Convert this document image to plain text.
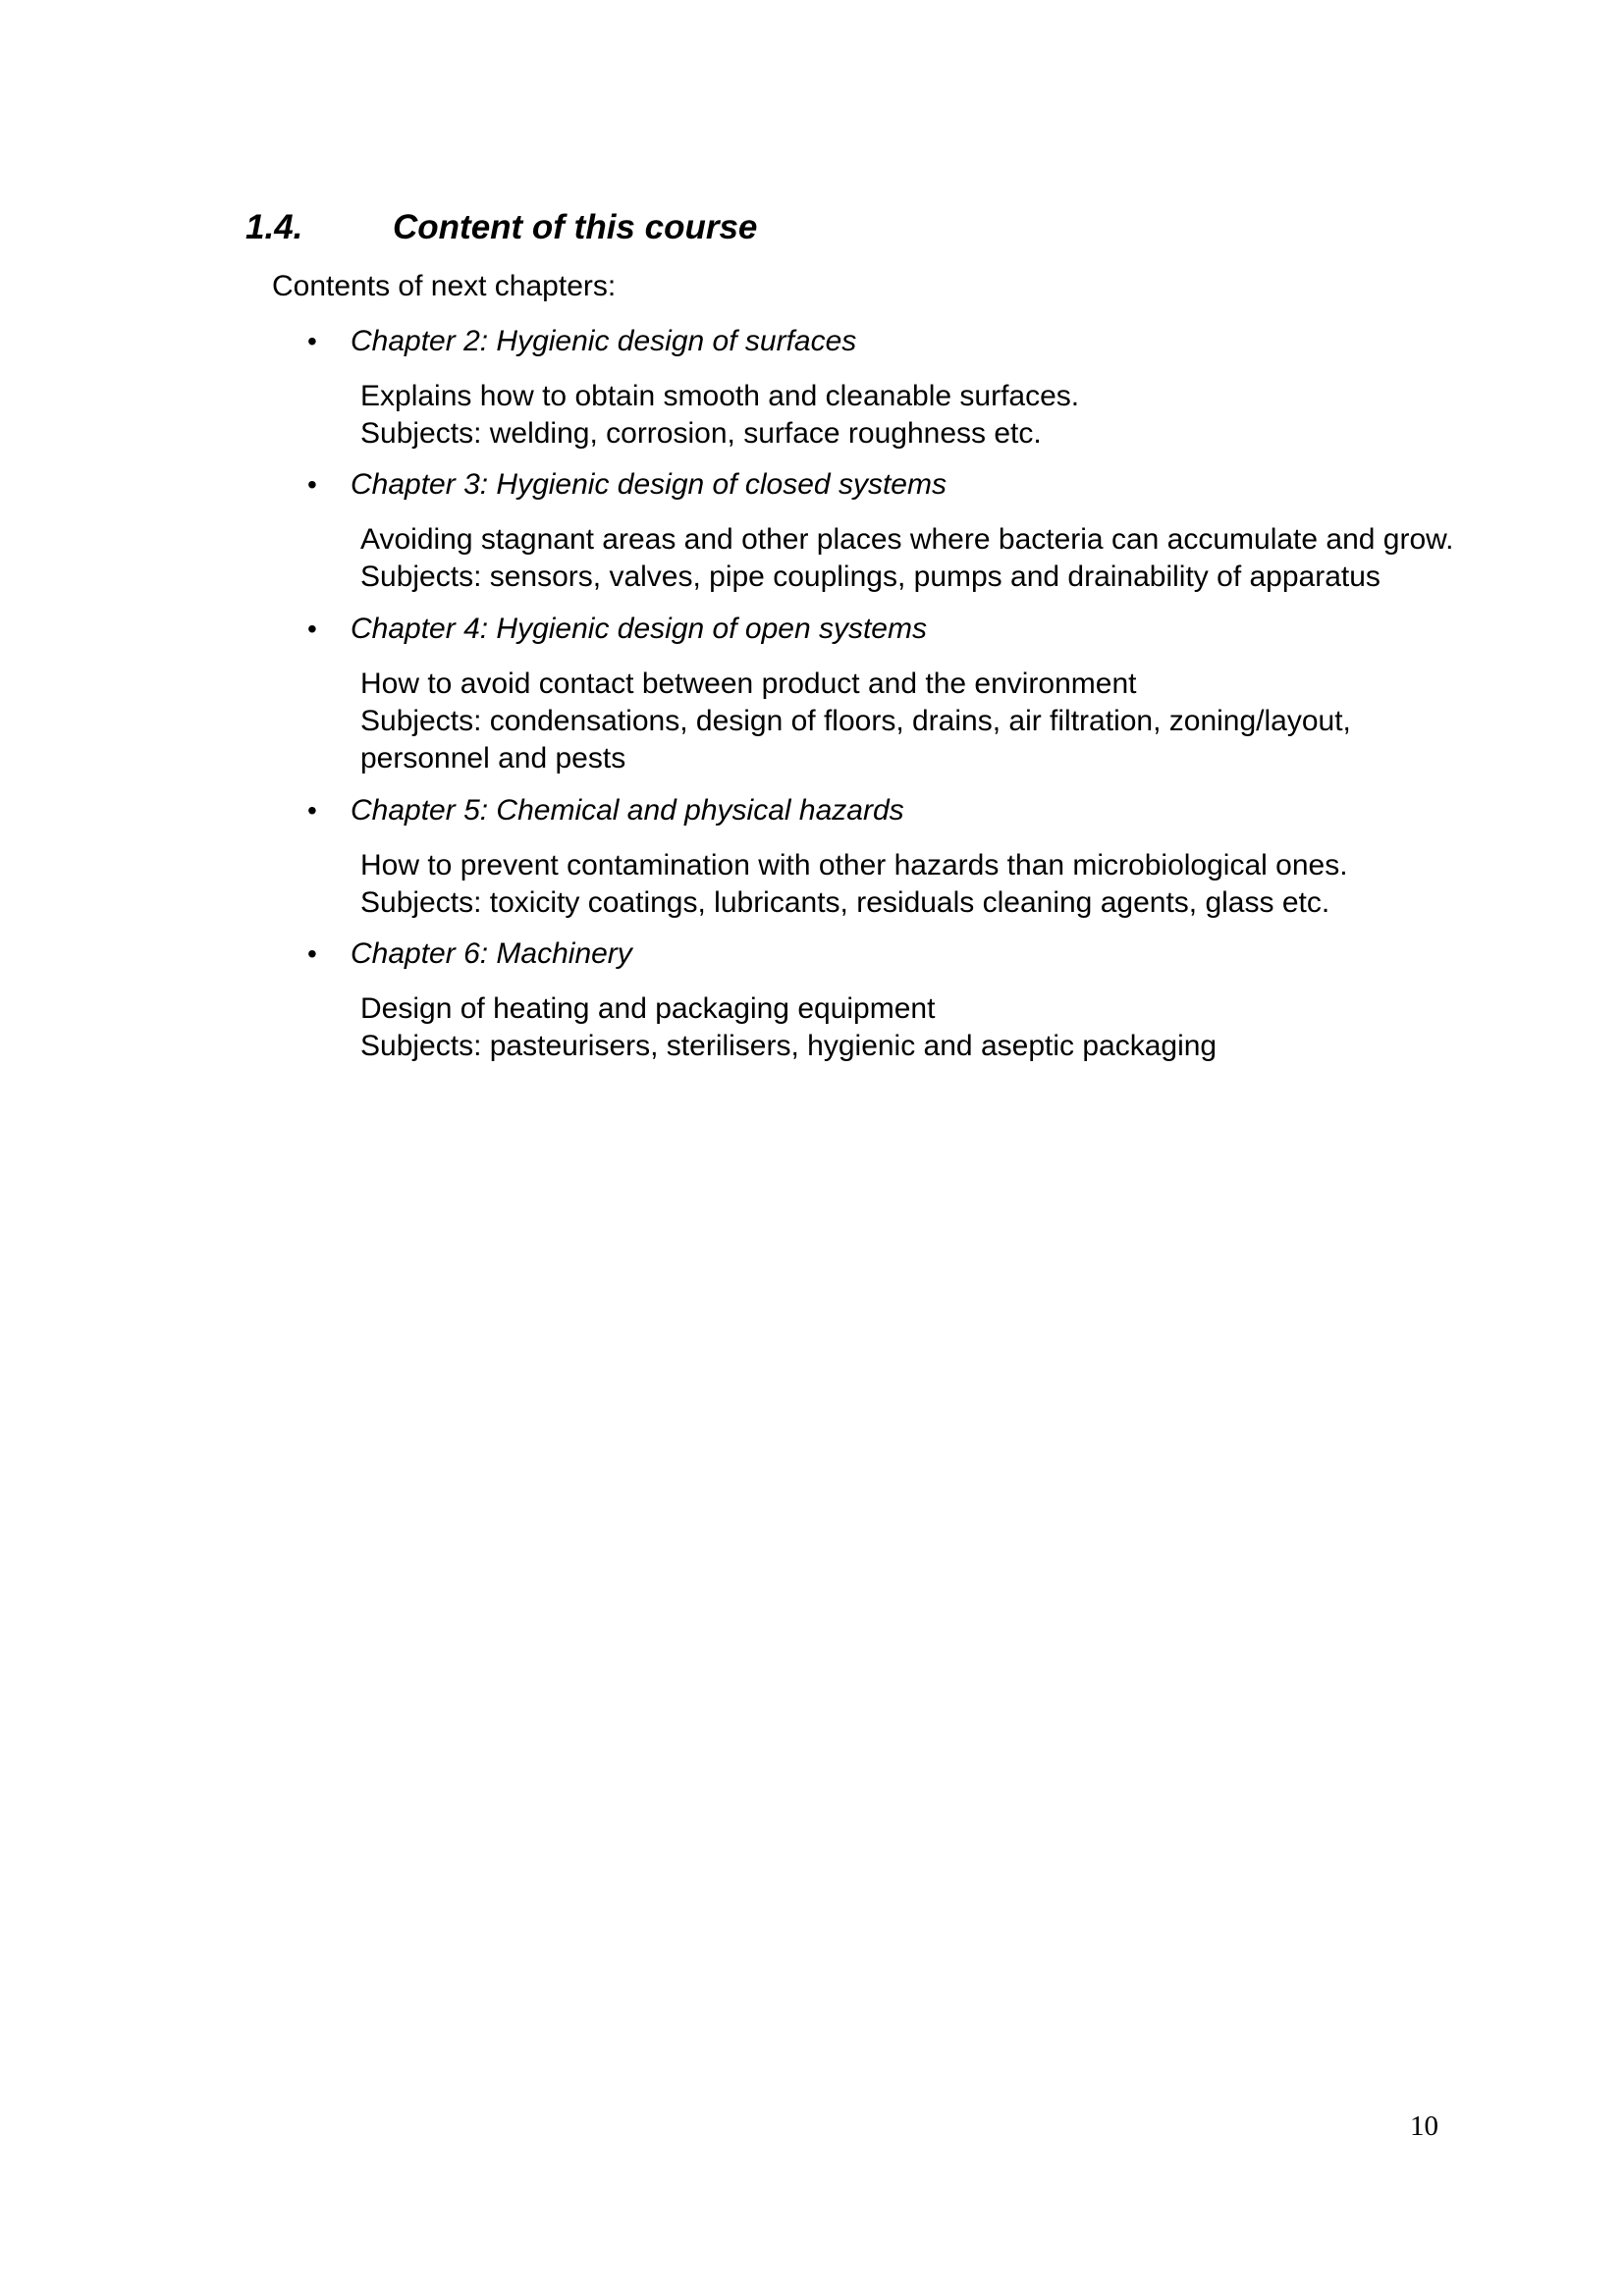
1.4.	Content of this course

Contents of next chapters:

• Chapter 2: Hygienic design of surfaces
Explains how to obtain smooth and cleanable surfaces.
Subjects: welding, corrosion, surface roughness etc.
• Chapter 3: Hygienic design of closed systems
Avoiding stagnant areas and other places where bacteria can accumulate and grow.
Subjects: sensors, valves, pipe couplings, pumps and drainability of apparatus
• Chapter 4: Hygienic design of open systems
How to avoid contact between product and the environment
Subjects: condensations, design of floors, drains, air filtration, zoning/layout,
personnel and pests
• Chapter 5: Chemical and physical hazards
How to prevent contamination with other hazards than microbiological ones.
Subjects: toxicity coatings, lubricants, residuals cleaning agents, glass etc.
• Chapter 6: Machinery
Design of heating and packaging equipment
Subjects: pasteurisers, sterilisers, hygienic and aseptic packaging
10
